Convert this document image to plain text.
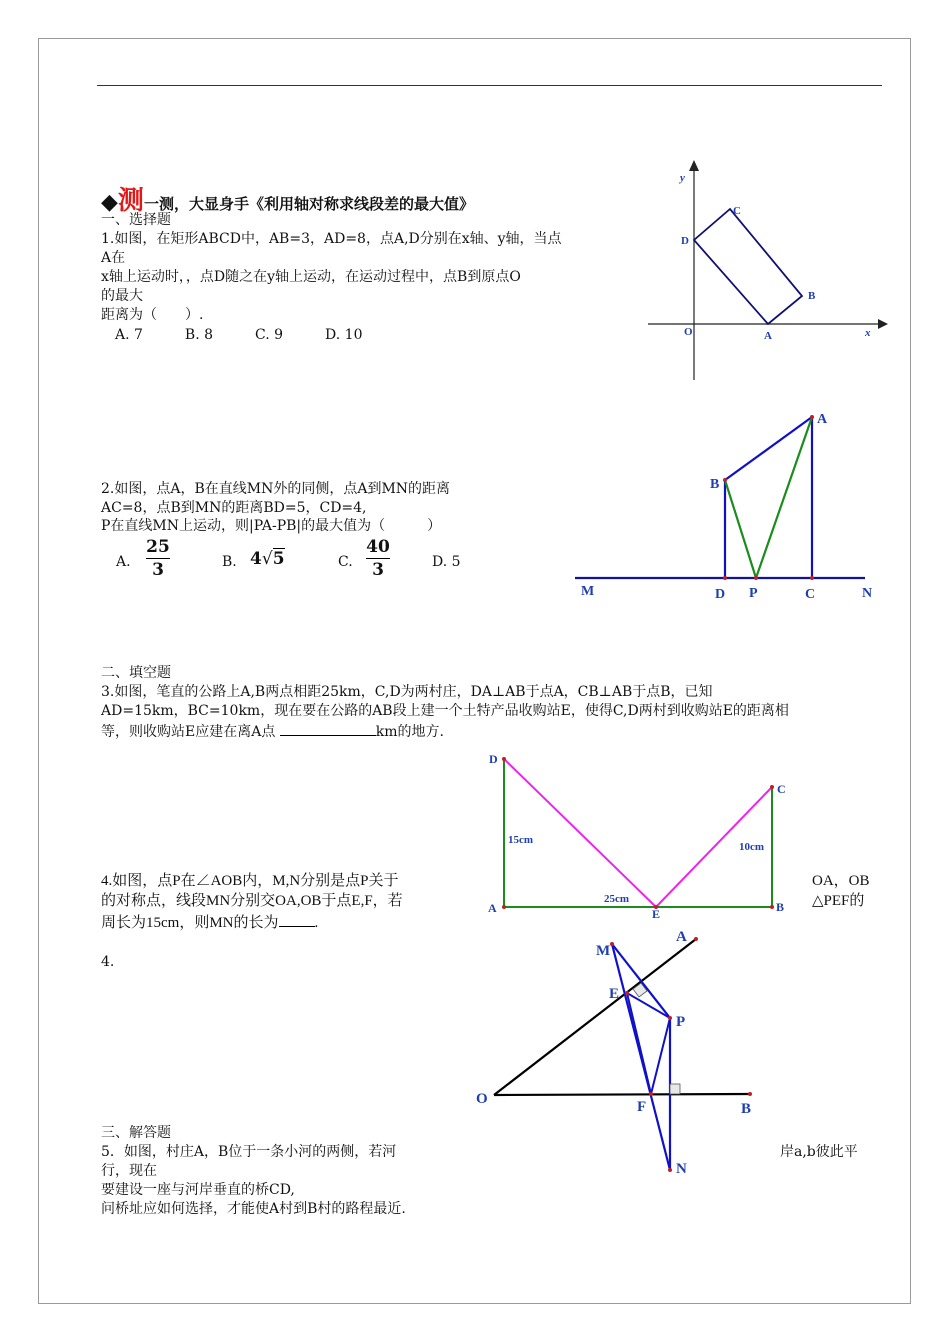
◆测一测，大显身手《利用轴对称求线段差的最大值》
一、选择题
1.如图，在矩形ABCD中，AB=3，AD=8，点A,D分别在x轴、y轴，当点
A在
x轴上运动时，，点D随之在y轴上运动，在运动过程中，点B到原点O
的最大
距离为（　　）.
A. 7　　　B. 8　　　C. 9　　　D. 10
2.如图，点A，B在直线MN外的同侧，点A到MN的距离
AC=8，点B到MN的距离BD=5，CD=4,
P在直线MN上运动，则|PA-PB|的最大值为（　　　）
A.
25
3	B. 4√5	C.
40
3	D. 5
二、填空题
3.如图，笔直的公路上A,B两点相距25km，C,D为两村庄，DA⊥AB于点A，CB⊥AB于点B，已知
AD=15km，BC=10km，现在要在公路的AB段上建一个土特产品收购站E，使得C,D两村到收购站E的距离相
等，则收购站E应建在离A点	km的地方.
4.如图，点P在∠AOB内，M,N分别是点P关于	OA，OB
的对称点，线段MN分别交OA,OB于点E,F，若	△PEF的
周长为15cm，则MN的长为 .
4.
三、解答题
5．如图，村庄A，B位于一条小河的两侧，若河	岸a,b彼此平
行，现在
要建设一座与河岸垂直的桥CD,
问桥址应如何选择，才能使A村到B村的路程最近.
y
x
O	A
B
C
D
A
B
M	D P	C	N
D
C
A	E	B
15cm
10cm
25cm
A
M
E
P
O	F	B
N
